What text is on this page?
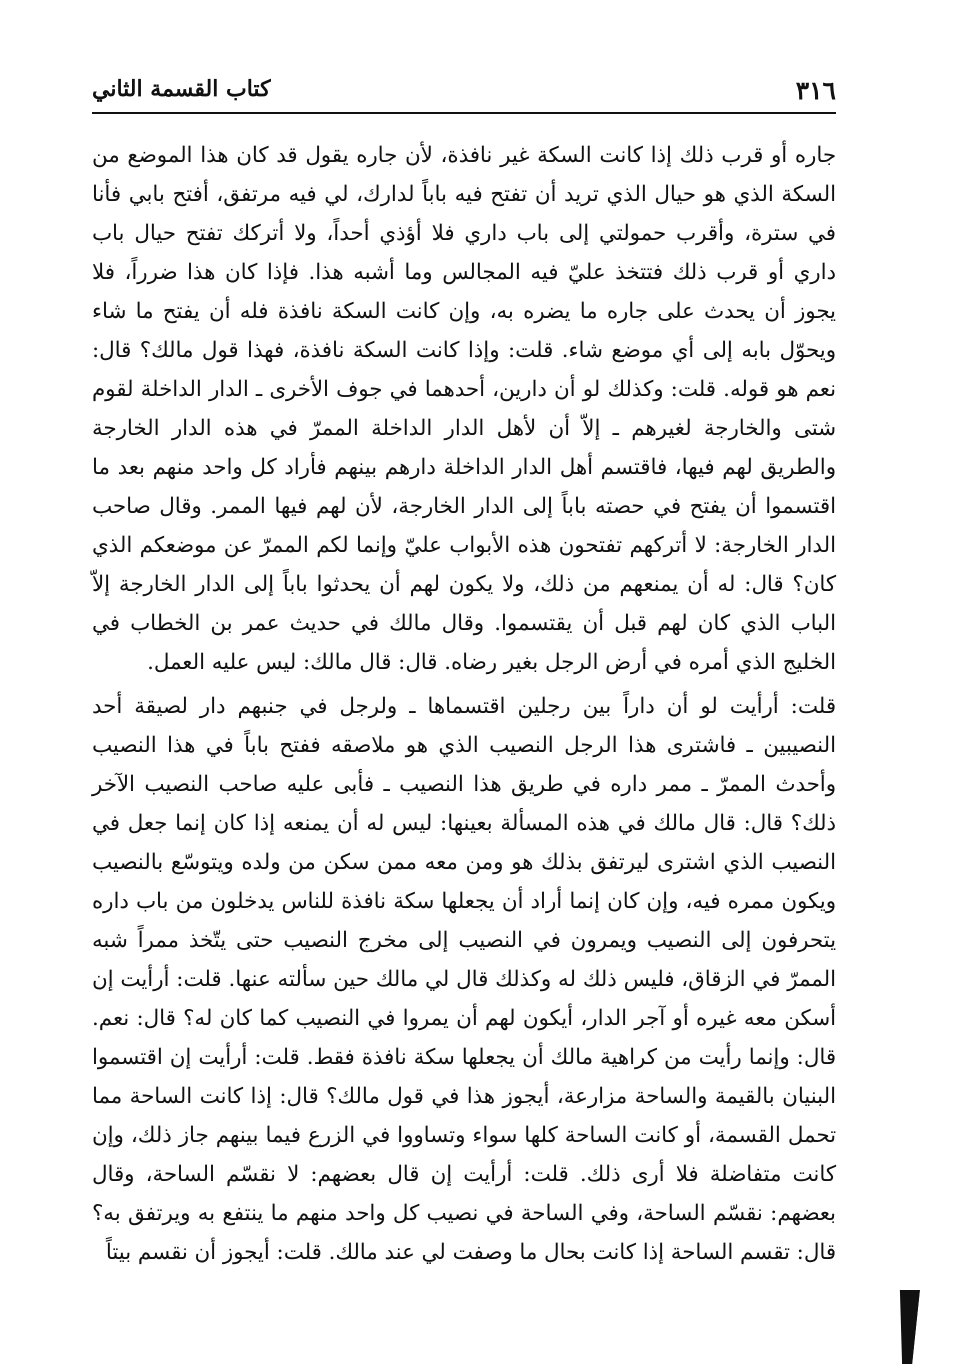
٣١٦
كتاب القسمة الثاني

جاره أو قرب ذلك إذا كانت السكة غير نافذة، لأن جاره يقول قد كان هذا الموضع من السكة الذي هو حيال الذي تريد أن تفتح فيه باباً لدارك، لي فيه مرتفق، أفتح بابي فأنا في سترة، وأقرب حمولتي إلى باب داري فلا أؤذي أحداً، ولا أتركك تفتح حيال باب داري أو قرب ذلك فتتخذ عليّ فيه المجالس وما أشبه هذا. فإذا كان هذا ضرراً، فلا يجوز أن يحدث على جاره ما يضره به، وإن كانت السكة نافذة فله أن يفتح ما شاء ويحوّل بابه إلى أي موضع شاء. قلت: وإذا كانت السكة نافذة، فهذا قول مالك؟ قال: نعم هو قوله. قلت: وكذلك لو أن دارين، أحدهما في جوف الأخرى ـ الدار الداخلة لقوم شتى والخارجة لغيرهم ـ إلاّ أن لأهل الدار الداخلة الممرّ في هذه الدار الخارجة والطريق لهم فيها، فاقتسم أهل الدار الداخلة دارهم بينهم فأراد كل واحد منهم بعد ما اقتسموا أن يفتح في حصته باباً إلى الدار الخارجة، لأن لهم فيها الممر. وقال صاحب الدار الخارجة: لا أتركهم تفتحون هذه الأبواب عليّ وإنما لكم الممرّ عن موضعكم الذي كان؟ قال: له أن يمنعهم من ذلك، ولا يكون لهم أن يحدثوا باباً إلى الدار الخارجة إلاّ الباب الذي كان لهم قبل أن يقتسموا. وقال مالك في حديث عمر بن الخطاب في الخليج الذي أمره في أرض الرجل بغير رضاه. قال: قال مالك: ليس عليه العمل.

قلت: أرأيت لو أن داراً بين رجلين اقتسماها ـ ولرجل في جنبهم دار لصيقة أحد النصيبين ـ فاشترى هذا الرجل النصيب الذي هو ملاصقه ففتح باباً في هذا النصيب وأحدث الممرّ ـ ممر داره في طريق هذا النصيب ـ فأبى عليه صاحب النصيب الآخر ذلك؟ قال: قال مالك في هذه المسألة بعينها: ليس له أن يمنعه إذا كان إنما جعل في النصيب الذي اشترى ليرتفق بذلك هو ومن معه ممن سكن من ولده ويتوسّع بالنصيب ويكون ممره فيه، وإن كان إنما أراد أن يجعلها سكة نافذة للناس يدخلون من باب داره يتحرفون إلى النصيب ويمرون في النصيب إلى مخرج النصيب حتى يتّخذ ممراً شبه الممرّ في الزقاق، فليس ذلك له وكذلك قال لي مالك حين سألته عنها. قلت: أرأيت إن أسكن معه غيره أو آجر الدار، أيكون لهم أن يمروا في النصيب كما كان له؟ قال: نعم. قال: وإنما رأيت من كراهية مالك أن يجعلها سكة نافذة فقط. قلت: أرأيت إن اقتسموا البنيان بالقيمة والساحة مزارعة، أيجوز هذا في قول مالك؟ قال: إذا كانت الساحة مما تحمل القسمة، أو كانت الساحة كلها سواء وتساووا في الزرع فيما بينهم جاز ذلك، وإن كانت متفاضلة فلا أرى ذلك. قلت: أرأيت إن قال بعضهم: لا نقسّم الساحة، وقال بعضهم: نقسّم الساحة، وفي الساحة في نصيب كل واحد منهم ما ينتفع به ويرتفق به؟ قال: تقسم الساحة إذا كانت بحال ما وصفت لي عند مالك. قلت: أيجوز أن نقسم بيتاً
